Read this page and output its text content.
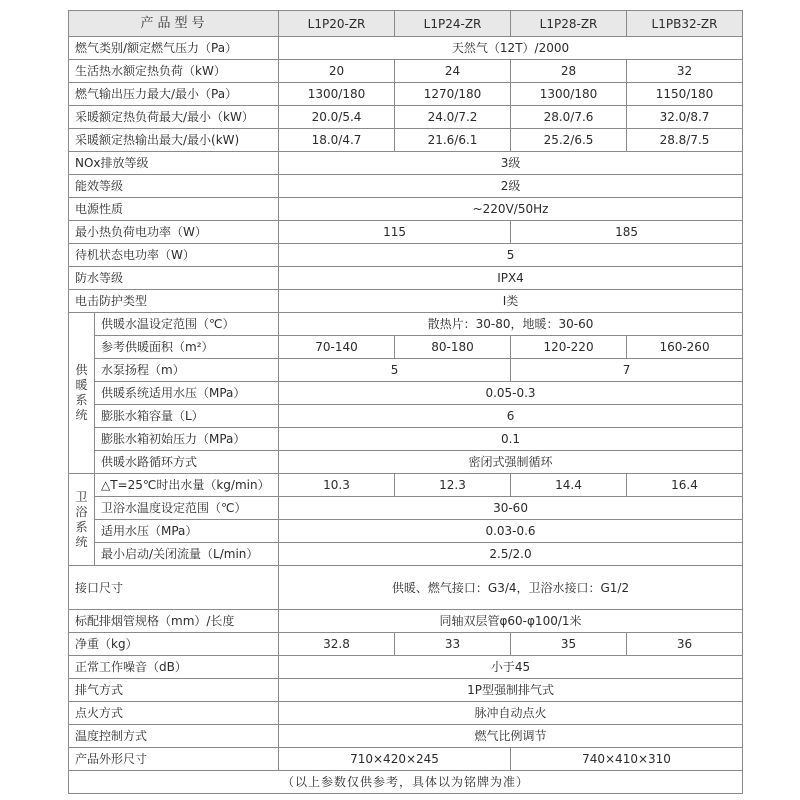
产品型号		L1P20-ZR	L1P24-ZR	L1P28-ZR	L1PB32-ZR
燃气类别/额定燃气压力（Pa）		天然气（12T）/2000			
生活热水额定热负荷（kW）		20	24	28	32
燃气输出压力最大/最小（Pa）		1300/180	1270/180	1300/180	1150/180
采暖额定热负荷最大/最小（kW）		20.0/5.4	24.0/7.2	28.0/7.6	32.0/8.7
采暖额定热输出最大/最小(kW)		18.0/4.7	21.6/6.1	25.2/6.5	28.8/7.5
NOx排放等级		3级			
能效等级		2级			
电源性质		~220V/50Hz			
最小热负荷电功率（W）		115		185	
待机状态电功率（W）		5			
防水等级		IPX4			
电击防护类型		I类			

供
暖
系
统	供暖水温设定范围（℃）	散热片：30-80，地暖：30-60			
	参考供暖面积（m²）	70-140	80-180	120-220	160-260
	水泵扬程（m）	5		7	
	供暖系统适用水压（MPa）	0.05-0.3			
	膨胀水箱容量（L）	6			
	膨胀水箱初始压力（MPa）	0.1			
	供暖水路循环方式	密闭式强制循环			

卫
浴
系
统	△T=25℃时出水量（kg/min）	10.3	12.3	14.4	16.4
	卫浴水温度设定范围（℃）	30-60			
	适用水压（MPa）	0.03-0.6			
	最小启动/关闭流量（L/min）	2.5/2.0			
接口尺寸		供暖、燃气接口：G3/4，卫浴水接口：G1/2			
标配排烟管规格（mm）/长度		同轴双层管φ60-φ100/1米			
净重（kg）		32.8	33	35	36
正常工作噪音（dB）		小于45			
排气方式		1P型强制排气式			
点火方式		脉冲自动点火			
温度控制方式		燃气比例调节			
产品外形尺寸		710×420×245		740×410×310	
（以上参数仅供参考，具体以为铭牌为准）					
